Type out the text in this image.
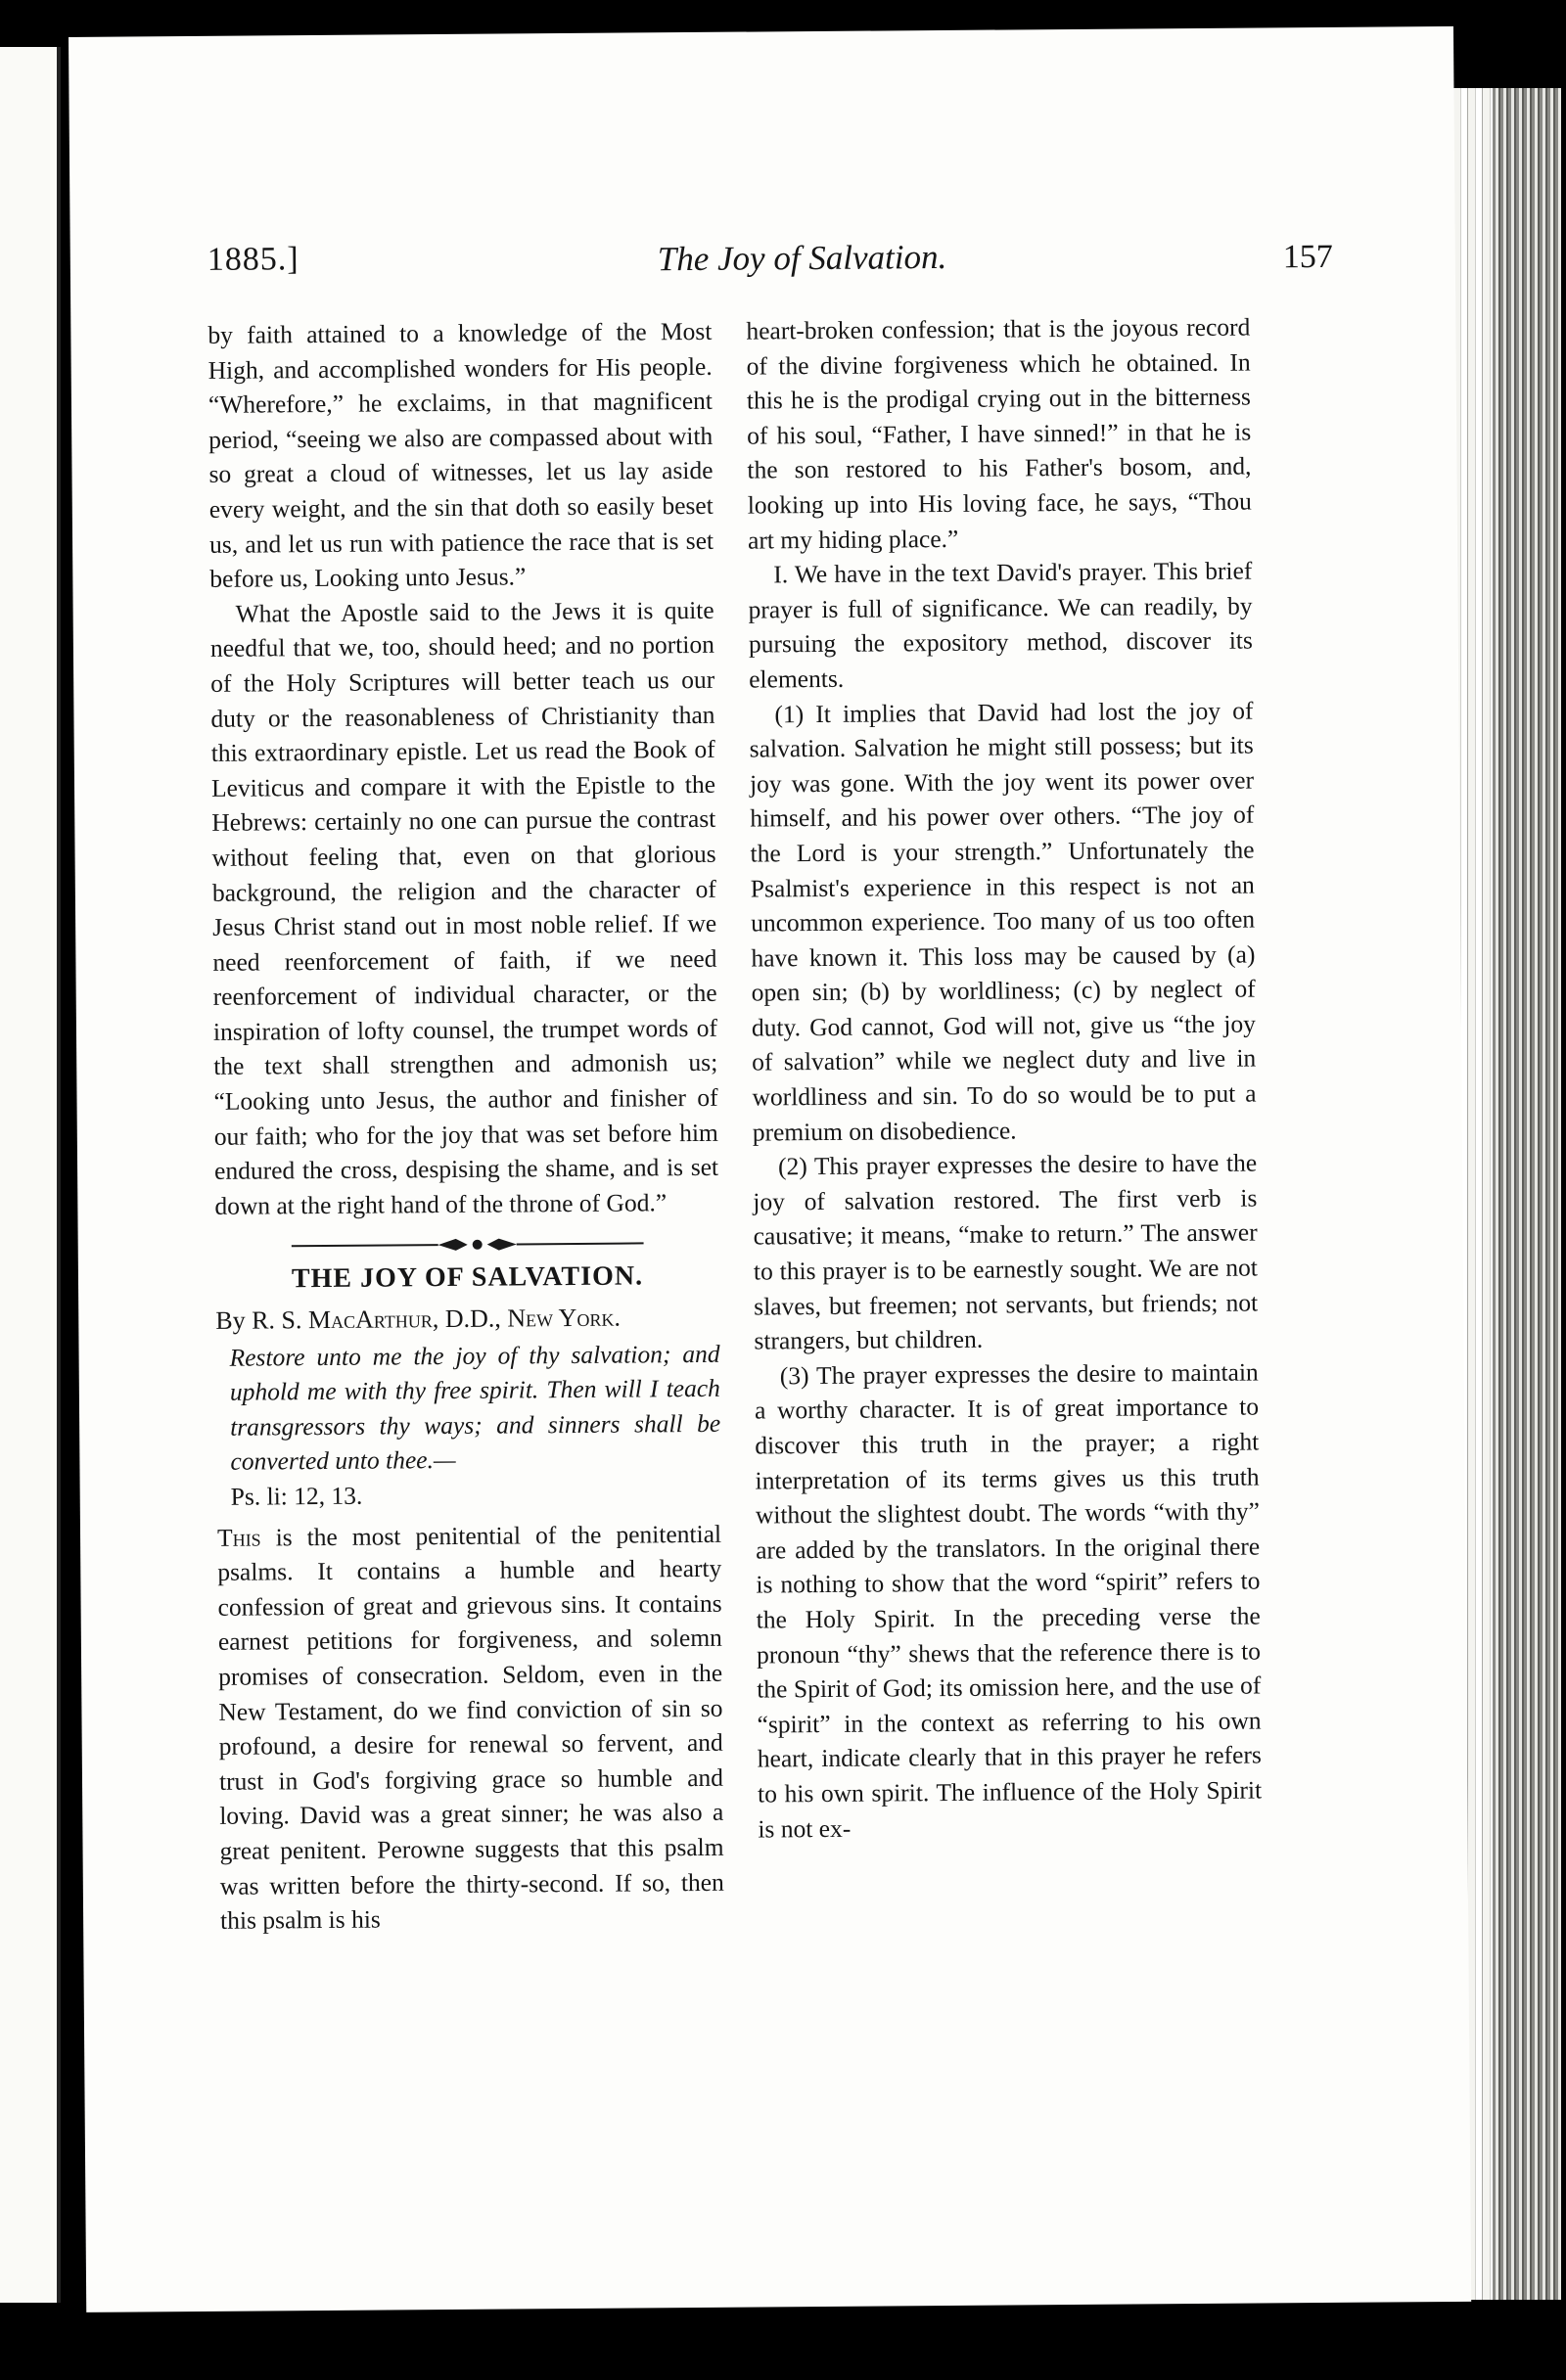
1885.]	The Joy of Salvation.	157

by faith attained to a knowledge of the Most High, and accomplished wonders for His people. “Wherefore,” he exclaims, in that magnificent period, “seeing we also are compassed about with so great a cloud of witnesses, let us lay aside every weight, and the sin that doth so easily beset us, and let us run with patience the race that is set before us, Looking unto Jesus.”

What the Apostle said to the Jews it is quite needful that we, too, should heed; and no portion of the Holy Scriptures will better teach us our duty or the reasonableness of Christianity than this extraordinary epistle. Let us read the Book of Leviticus and compare it with the Epistle to the Hebrews: certainly no one can pursue the contrast without feeling that, even on that glorious background, the religion and the character of Jesus Christ stand out in most noble relief. If we need reenforcement of faith, if we need reenforcement of individual character, or the inspiration of lofty counsel, the trumpet words of the text shall strengthen and admonish us; “Looking unto Jesus, the author and finisher of our faith; who for the joy that was set before him endured the cross, despising the shame, and is set down at the right hand of the throne of God.”

THE JOY OF SALVATION.

By R. S. MacArthur, D.D., New York.

Restore unto me the joy of thy salvation; and uphold me with thy free spirit. Then will I teach transgressors thy ways; and sinners shall be converted unto thee.—

Ps. li: 12, 13.

This is the most penitential of the penitential psalms. It contains a humble and hearty confession of great and grievous sins. It contains earnest petitions for forgiveness, and solemn promises of consecration. Seldom, even in the New Testament, do we find conviction of sin so profound, a desire for renewal so fervent, and trust in God's forgiving grace so humble and loving. David was a great sinner; he was also a great penitent. Perowne suggests that this psalm was written before the thirty-second. If so, then this psalm is his

heart-broken confession; that is the joyous record of the divine forgiveness which he obtained. In this he is the prodigal crying out in the bitterness of his soul, “Father, I have sinned!” in that he is the son restored to his Father's bosom, and, looking up into His loving face, he says, “Thou art my hiding place.”

I. We have in the text David's prayer. This brief prayer is full of significance. We can readily, by pursuing the expository method, discover its elements.

(1) It implies that David had lost the joy of salvation. Salvation he might still possess; but its joy was gone. With the joy went its power over himself, and his power over others. “The joy of the Lord is your strength.” Unfortunately the Psalmist's experience in this respect is not an uncommon experience. Too many of us too often have known it. This loss may be caused by (a) open sin; (b) by worldliness; (c) by neglect of duty. God cannot, God will not, give us “the joy of salvation” while we neglect duty and live in worldliness and sin. To do so would be to put a premium on disobedience.

(2) This prayer expresses the desire to have the joy of salvation restored. The first verb is causative; it means, “make to return.” The answer to this prayer is to be earnestly sought. We are not slaves, but freemen; not servants, but friends; not strangers, but children.

(3) The prayer expresses the desire to maintain a worthy character. It is of great importance to discover this truth in the prayer; a right interpretation of its terms gives us this truth without the slightest doubt. The words “with thy” are added by the translators. In the original there is nothing to show that the word “spirit” refers to the Holy Spirit. In the preceding verse the pronoun “thy” shews that the reference there is to the Spirit of God; its omission here, and the use of “spirit” in the context as referring to his own heart, indicate clearly that in this prayer he refers to his own spirit. The influence of the Holy Spirit is not ex-
